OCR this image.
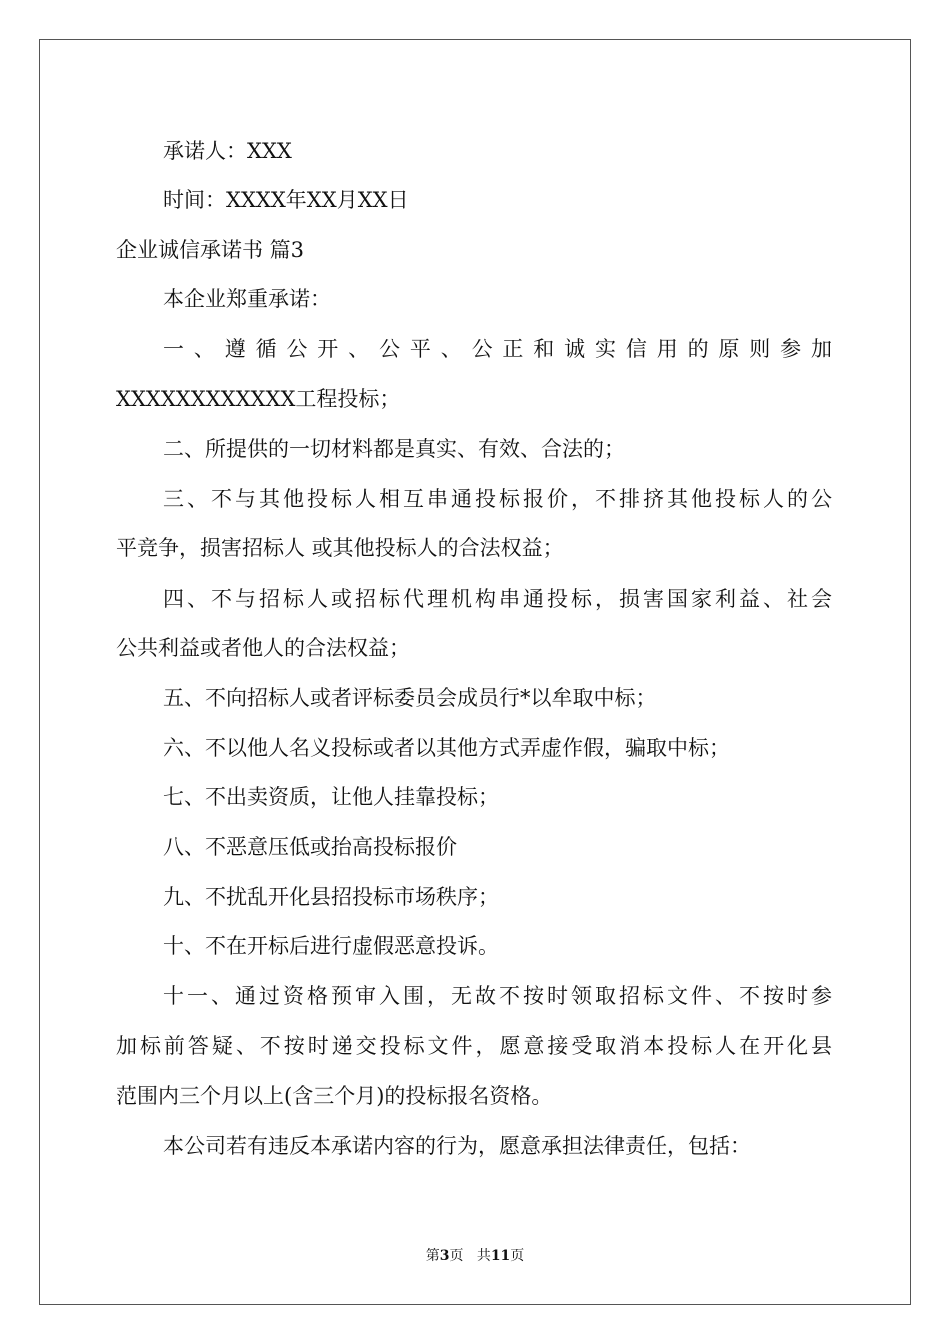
承诺人：XXX

时间：XXXX年XX月XX日

企业诚信承诺书 篇3

本企业郑重承诺：

一、遵循公开、公平、公正和诚实信用的原则参加

XXXXXXXXXXXX工程投标；

二、所提供的一切材料都是真实、有效、合法的；

三、不与其他投标人相互串通投标报价，不排挤其他投标人的公

平竞争，损害招标人 或其他投标人的合法权益；

四、不与招标人或招标代理机构串通投标，损害国家利益、社会

公共利益或者他人的合法权益；

五、不向招标人或者评标委员会成员行*以牟取中标；

六、不以他人名义投标或者以其他方式弄虚作假，骗取中标；

七、不出卖资质，让他人挂靠投标；

八、不恶意压低或抬高投标报价

九、不扰乱开化县招投标市场秩序；

十、不在开标后进行虚假恶意投诉。

十一、通过资格预审入围，无故不按时领取招标文件、不按时参

加标前答疑、不按时递交投标文件，愿意接受取消本投标人在开化县

范围内三个月以上(含三个月)的投标报名资格。

本公司若有违反本承诺内容的行为，愿意承担法律责任，包括：

第3页 共11页
